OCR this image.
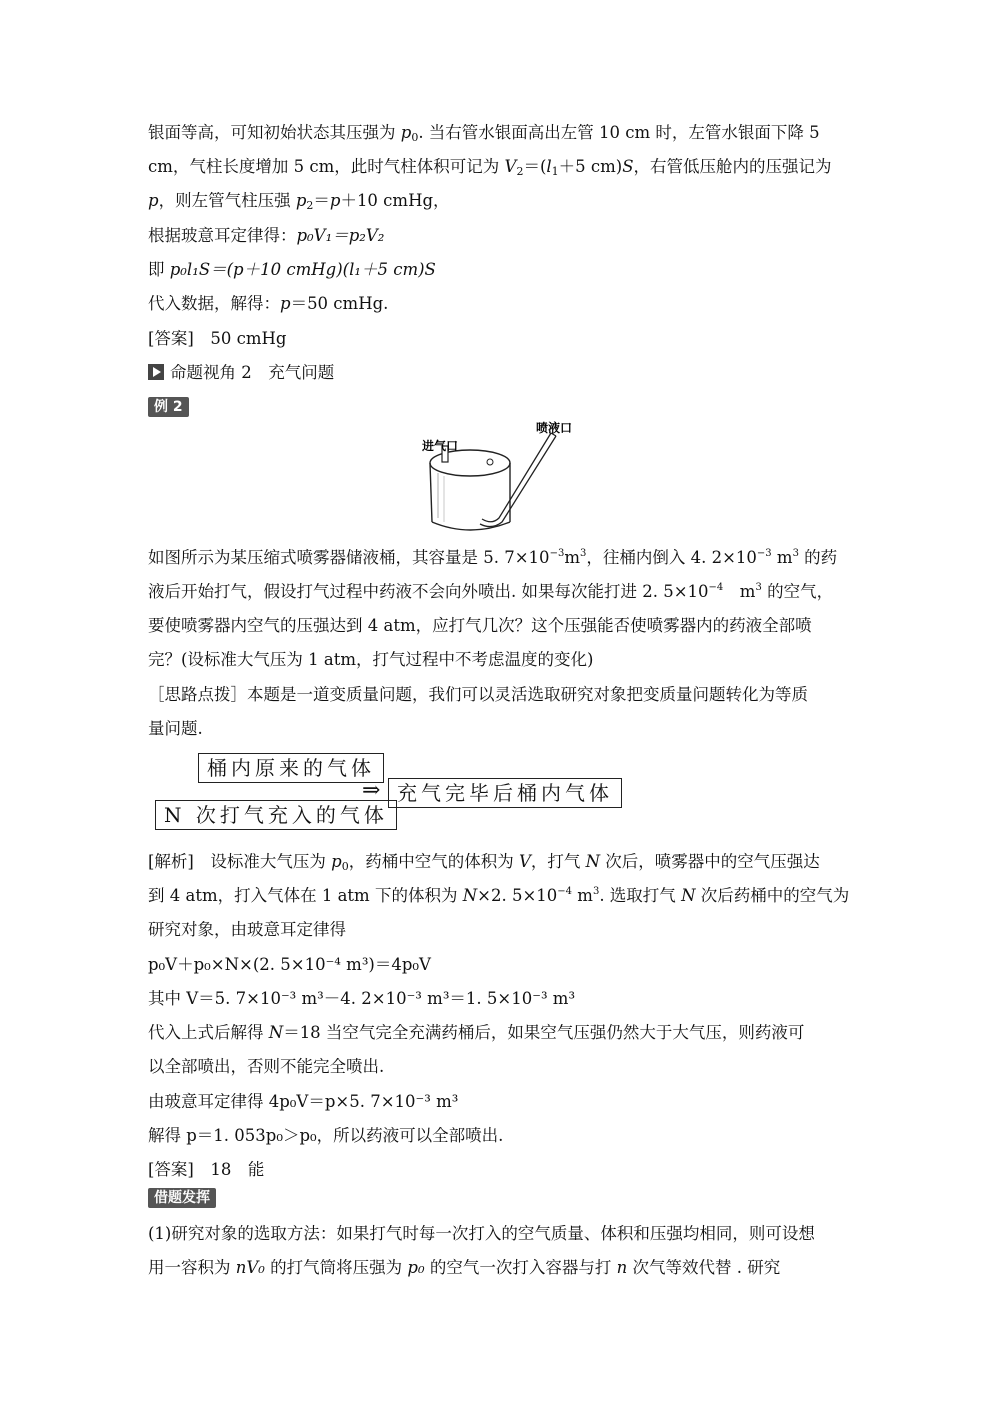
银面等高，可知初始状态其压强为 $p_0$. 当右管水银面高出左管 10 cm 时，左管水银面下降 5
cm，气柱长度增加 5 cm，此时气柱体积可记为 $V_2=(l_1+5$ cm)S，右管低压舱内的压强记为
p，则左管气柱压强 $p_2=p+10$ cmHg，
根据玻意耳定律得：p₀V₁＝p₂V₂
即 p₀l₁S＝(p＋10 cmHg)(l₁＋5 cm)S
代入数据，解得：p＝50 cmHg.
[答案]　50 cmHg
命题视角 2　充气问题
例 2
进气口
喷液口
如图所示为某压缩式喷雾器储液桶，其容量是 5. $7\times 10^{-3}m^3$，往桶内倒入 4. $2\times 10^{-3}$ $m^3$ 的药
液后开始打气，假设打气过程中药液不会向外喷出. 如果每次能打进 2. $5\times 10^{-4}$　$m^3$ 的空气，
要使喷雾器内空气的压强达到 4 atm，应打气几次？这个压强能否使喷雾器内的药液全部喷
完？(设标准大气压为 1 atm，打气过程中不考虑温度的变化)
［思路点拨］本题是一道变质量问题，我们可以灵活选取研究对象把变质量问题转化为等质
量问题.
桶内原来的气体
N 次打气充入的气体
⇒ 充气完毕后桶内气体
[解析]　设标准大气压为 $p_0$，药桶中空气的体积为 V，打气 N 次后，喷雾器中的空气压强达
到 4 atm，打入气体在 1 atm 下的体积为 N×2. $5\times 10^{-4}$ $m^3$. 选取打气 N 次后药桶中的空气为
研究对象，由玻意耳定律得
p₀V＋p₀×N×(2. 5×10⁻⁴ m³)＝4p₀V
其中 V＝5. 7×10⁻³ m³－4. 2×10⁻³ m³＝1. 5×10⁻³ m³
代入上式后解得 N＝18 当空气完全充满药桶后，如果空气压强仍然大于大气压，则药液可
以全部喷出，否则不能完全喷出.
由玻意耳定律得 4p₀V＝p×5. 7×10⁻³ m³
解得 p＝1. 053p₀＞p₀，所以药液可以全部喷出.
[答案]　18　能
借题发挥
(1)研究对象的选取方法：如果打气时每一次打入的空气质量、体积和压强均相同，则可设想
用一容积为 nV₀ 的打气筒将压强为 p₀ 的空气一次打入容器与打 n 次气等效代替 . 研究
